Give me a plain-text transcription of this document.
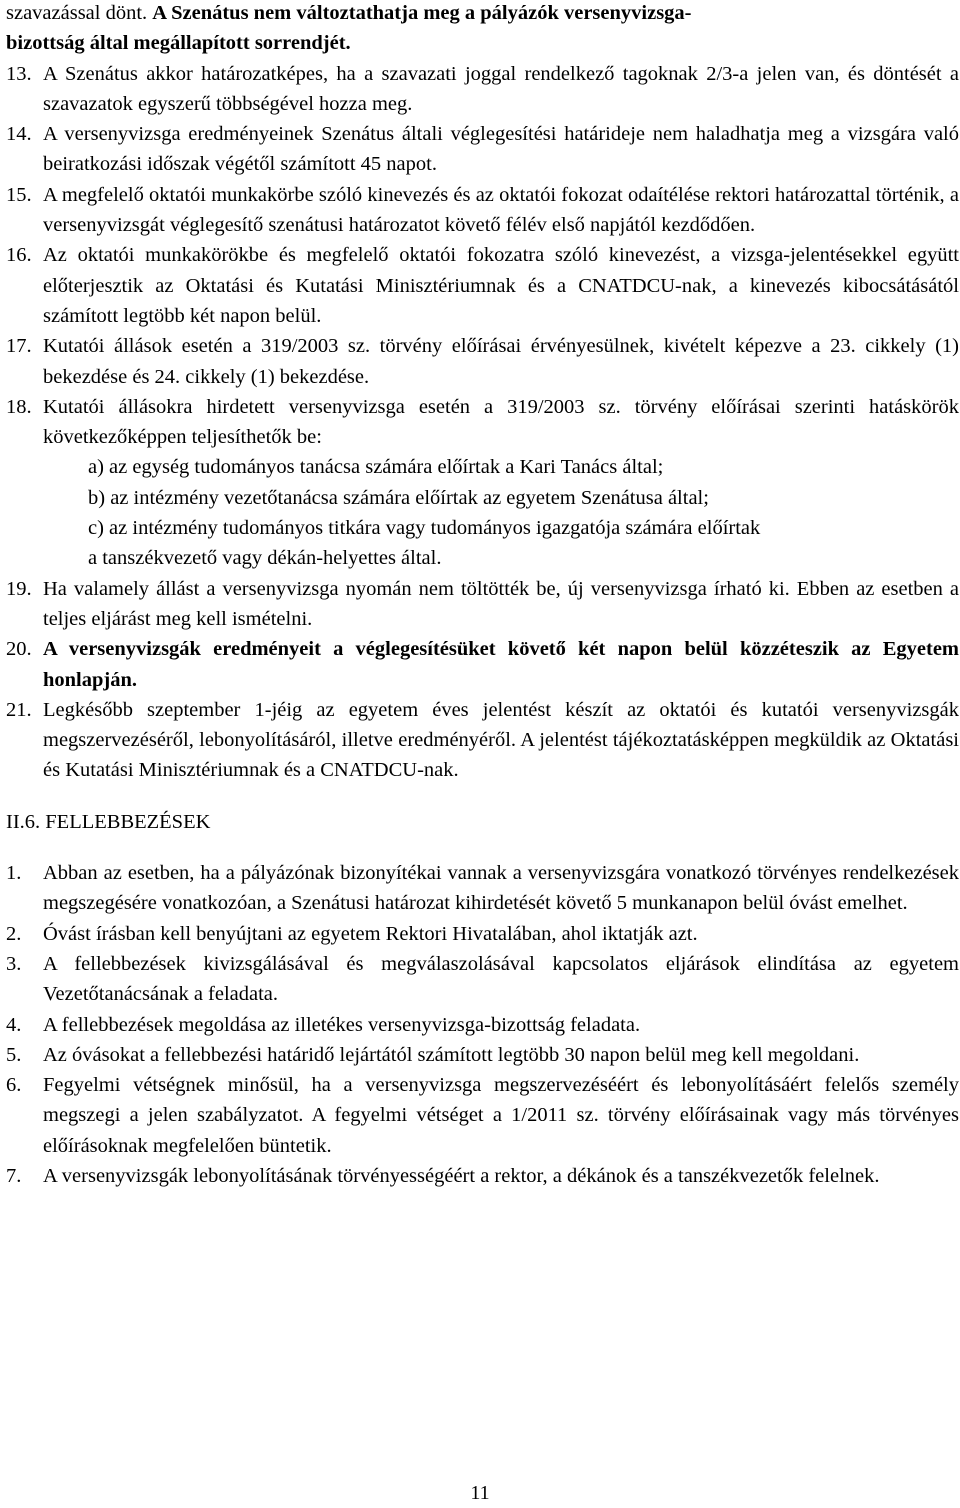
szavazással dönt. A Szenátus nem változtathatja meg a pályázók versenyvizsga-
bizottság által megállapított sorrendjét.
13. A Szenátus akkor határozatképes, ha a szavazati joggal rendelkező tagoknak 2/3-a jelen van, és döntését a szavazatok egyszerű többségével hozza meg.
14. A versenyvizsga eredményeinek Szenátus általi véglegesítési határideje nem haladhatja meg a vizsgára való beiratkozási időszak végétől számított 45 napot.
15. A megfelelő oktatói munkakörbe szóló kinevezés és az oktatói fokozat odaítélése rektori határozattal történik, a versenyvizsgát véglegesítő szenátusi határozatot követő félév első napjától kezdődően.
16. Az oktatói munkakörökbe és megfelelő oktatói fokozatra szóló kinevezést, a vizsga-jelentésekkel együtt előterjesztik az Oktatási és Kutatási Minisztériumnak és a CNATDCU-nak, a kinevezés kibocsátásától számított legtöbb két napon belül.
17. Kutatói állások esetén a 319/2003 sz. törvény előírásai érvényesülnek, kivételt képezve a 23. cikkely (1) bekezdése és 24. cikkely (1) bekezdése.
18. Kutatói állásokra hirdetett versenyvizsga esetén a 319/2003 sz. törvény előírásai szerinti hatáskörök következőképpen teljesíthetők be:
a) az egység tudományos tanácsa számára előírtak a Kari Tanács által;
b) az intézmény vezetőtanácsa számára előírtak az egyetem Szenátusa által;
c) az intézmény tudományos titkára vagy tudományos igazgatója számára előírtak
a tanszékvezető vagy dékán-helyettes által.
19. Ha valamely állást a versenyvizsga nyomán nem töltötték be, új versenyvizsga írható ki. Ebben az esetben a teljes eljárást meg kell ismételni.
20. A versenyvizsgák eredményeit a véglegesítésüket követő két napon belül közzéteszik az Egyetem honlapján.
21. Legkésőbb szeptember 1-jéig az egyetem éves jelentést készít az oktatói és kutatói versenyvizsgák megszervezéséről, lebonyolításáról, illetve eredményéről. A jelentést tájékoztatásképpen megküldik az Oktatási és Kutatási Minisztériumnak és a CNATDCU-nak.
II.6. FELLEBBEZÉSEK
1. Abban az esetben, ha a pályázónak bizonyítékai vannak a versenyvizsgára vonatkozó törvényes rendelkezések megszegésére vonatkozóan, a Szenátusi határozat kihirdetését követő 5 munkanapon belül óvást emelhet.
2. Óvást írásban kell benyújtani az egyetem Rektori Hivatalában, ahol iktatják azt.
3. A fellebbezések kivizsgálásával és megválaszolásával kapcsolatos eljárások elindítása az egyetem Vezetőtanácsának a feladata.
4. A fellebbezések megoldása az illetékes versenyvizsga-bizottság feladata.
5. Az óvásokat a fellebbezési határidő lejártától számított legtöbb 30 napon belül meg kell megoldani.
6. Fegyelmi vétségnek minősül, ha a versenyvizsga megszervezéséért és lebonyolításáért felelős személy megszegi a jelen szabályzatot. A fegyelmi vétséget a 1/2011 sz. törvény előírásainak vagy más törvényes előírásoknak megfelelően büntetik.
7. A versenyvizsgák lebonyolításának törvényességéért a rektor, a dékánok és a tanszékvezetők felelnek.
11
